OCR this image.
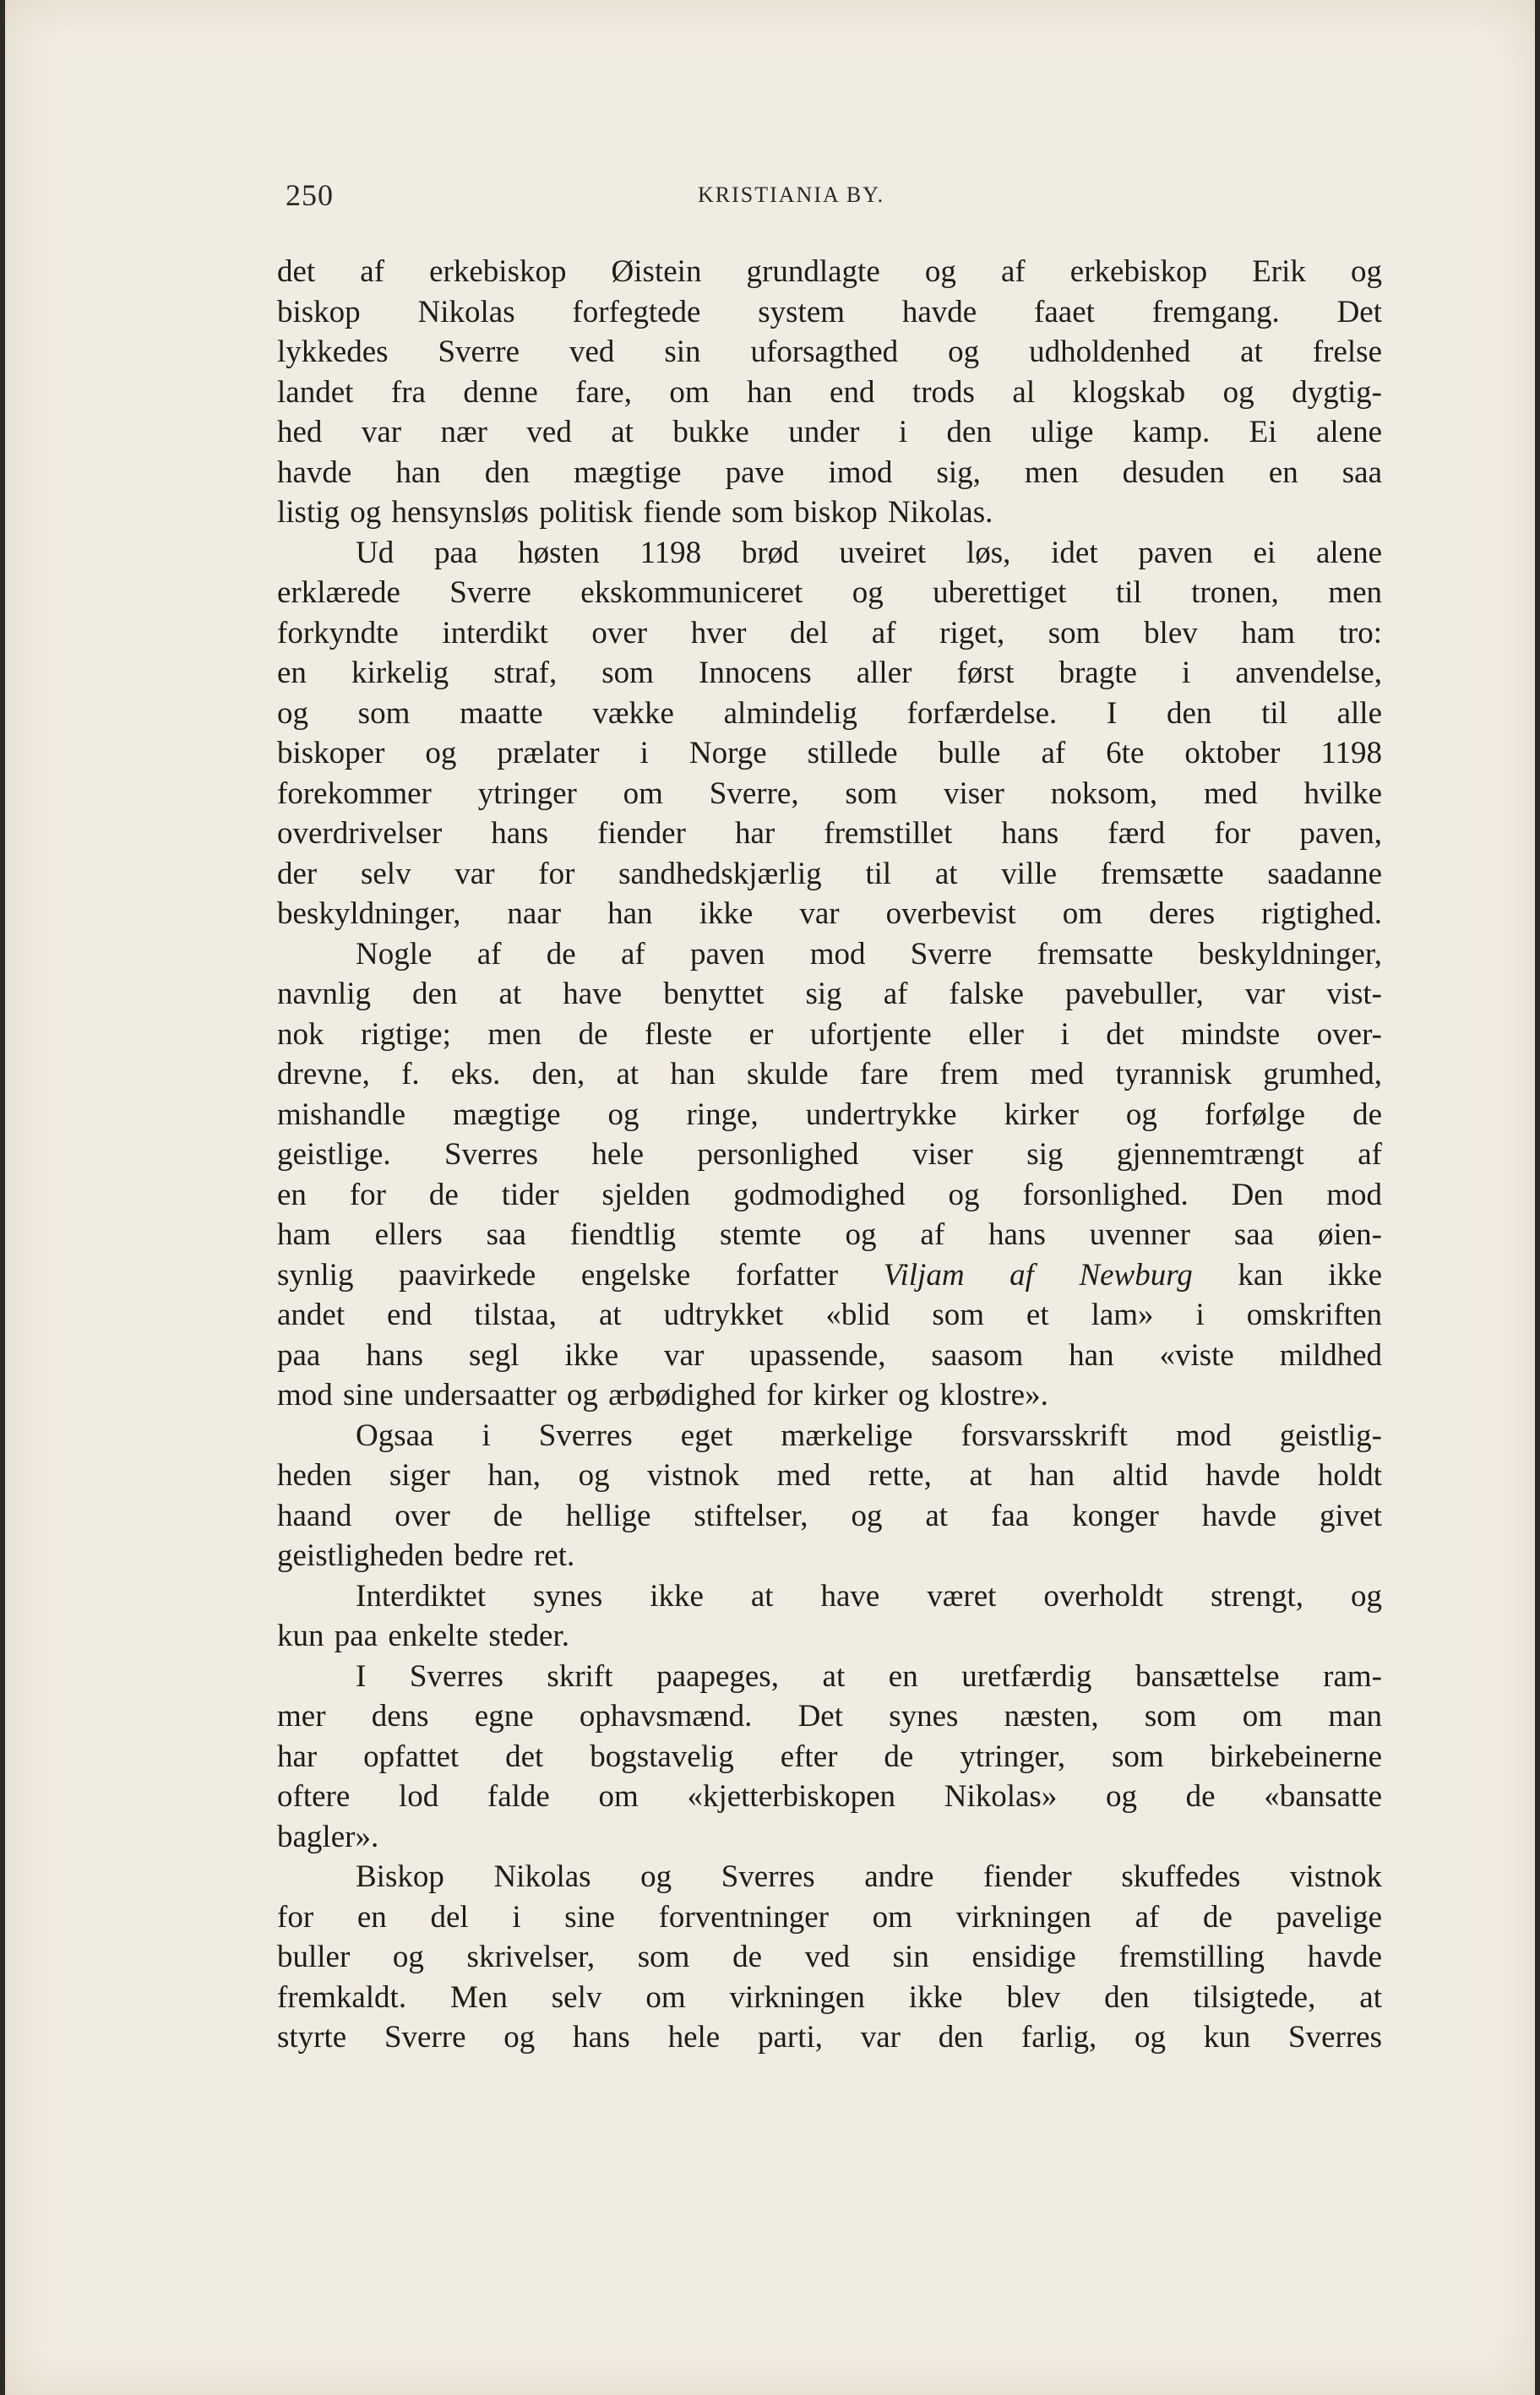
250	KRISTIANIA BY.

det af erkebiskop Øistein grundlagte og af erkebiskop Erik og

biskop Nikolas forfegtede system havde faaet fremgang. Det

lykkedes Sverre ved sin uforsagthed og udholdenhed at frelse

landet fra denne fare, om han end trods al klogskab og dygtig-

hed var nær ved at bukke under i den ulige kamp. Ei alene

havde han den mægtige pave imod sig, men desuden en saa

listig og hensynsløs politisk fiende som biskop Nikolas.

Ud paa høsten 1198 brød uveiret løs, idet paven ei alene

erklærede Sverre ekskommuniceret og uberettiget til tronen, men

forkyndte interdikt over hver del af riget, som blev ham tro:

en kirkelig straf, som Innocens aller først bragte i anvendelse,

og som maatte vække almindelig forfærdelse. I den til alle

biskoper og prælater i Norge stillede bulle af 6te oktober 1198

forekommer ytringer om Sverre, som viser noksom, med hvilke

overdrivelser hans fiender har fremstillet hans færd for paven,

der selv var for sandhedskjærlig til at ville fremsætte saadanne

beskyldninger, naar han ikke var overbevist om deres rigtighed.

Nogle af de af paven mod Sverre fremsatte beskyldninger,

navnlig den at have benyttet sig af falske pavebuller, var vist-

nok rigtige; men de fleste er ufortjente eller i det mindste over-

drevne, f. eks. den, at han skulde fare frem med tyrannisk grumhed,

mishandle mægtige og ringe, undertrykke kirker og forfølge de

geistlige. Sverres hele personlighed viser sig gjennemtrængt af

en for de tider sjelden godmodighed og forsonlighed. Den mod

ham ellers saa fiendtlig stemte og af hans uvenner saa øien-

synlig paavirkede engelske forfatter Viljam af Newburg kan ikke

andet end tilstaa, at udtrykket «blid som et lam» i omskriften

paa hans segl ikke var upassende, saasom han «viste mildhed

mod sine undersaatter og ærbødighed for kirker og klostre».

Ogsaa i Sverres eget mærkelige forsvarsskrift mod geistlig-

heden siger han, og vistnok med rette, at han altid havde holdt

haand over de hellige stiftelser, og at faa konger havde givet

geistligheden bedre ret.

Interdiktet synes ikke at have været overholdt strengt, og

kun paa enkelte steder.

I Sverres skrift paapeges, at en uretfærdig bansættelse ram-

mer dens egne ophavsmænd. Det synes næsten, som om man

har opfattet det bogstavelig efter de ytringer, som birkebeinerne

oftere lod falde om «kjetterbiskopen Nikolas» og de «bansatte

bagler».

Biskop Nikolas og Sverres andre fiender skuffedes vistnok

for en del i sine forventninger om virkningen af de pavelige

buller og skrivelser, som de ved sin ensidige fremstilling havde

fremkaldt. Men selv om virkningen ikke blev den tilsigtede, at

styrte Sverre og hans hele parti, var den farlig, og kun Sverres
